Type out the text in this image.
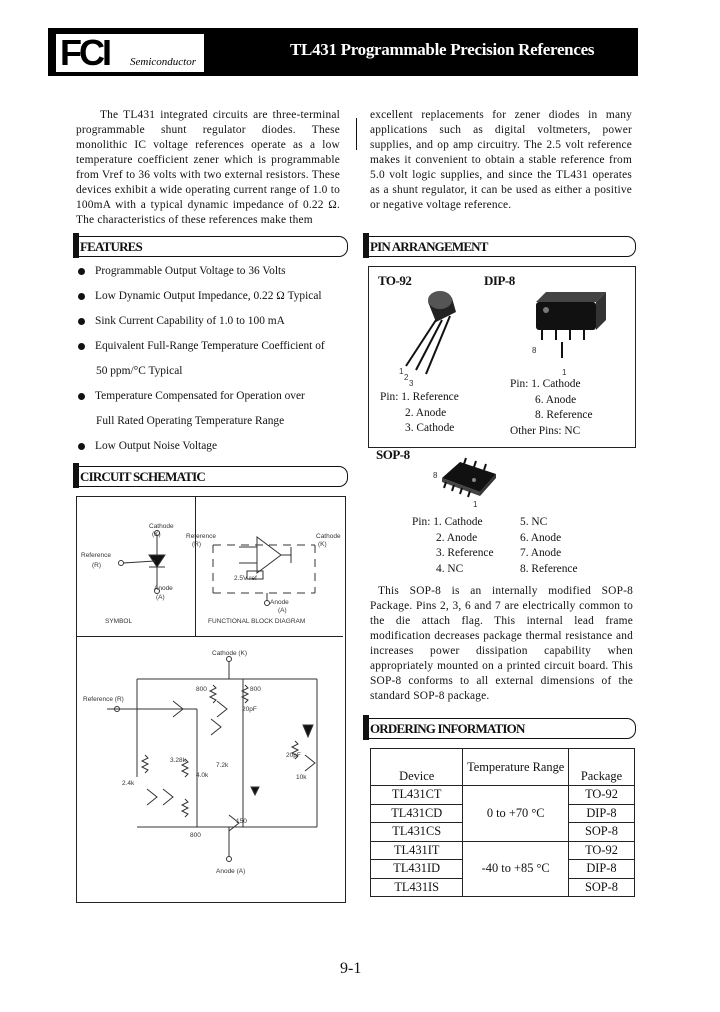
FCI Semiconductor
TL431 Programmable Precision References
The TL431 integrated circuits are three-terminal programmable shunt regulator diodes. These monolithic IC voltage references operate as a low temperature coefficient zener which is programmable from Vref to 36 volts with two external resistors. These devices exhibit a wide operating current range of 1.0 to 100mA with a typical dynamic impedance of 0.22 Ω. The characteristics of these references make them
excellent replacements for zener diodes in many applications such as digital voltmeters, power supplies, and op amp circuitry. The 2.5 volt reference makes it convenient to obtain a stable reference from 5.0 volt logic supplies, and since the TL431 operates as a shunt regulator, it can be used as either a positive or negative voltage reference.
FEATURES	PIN ARRANGEMENT
CIRCUIT SCHEMATIC
ORDERING INFORMATION
Programmable Output Voltage to 36 Volts
Low Dynamic Output Impedance, 0.22 Ω Typical
Sink Current Capability of 1.0 to 100 mA
Equivalent Full-Range Temperature Coefficient of
50 ppm/°C Typical
Temperature Compensated for Operation over
Full Rated Operating Temperature Range
Low Output Noise Voltage
TO-92	DIP-8
1
2
3
8
1
Pin: 1. Reference
2. Anode
3. Cathode
Pin: 1. Cathode
6. Anode
8. Reference
Other Pins: NC
SOP-8
8
1
Pin: 1. Cathode
2. Anode
3. Reference
4. NC
5. NC
6. Anode
7. Anode
8. Reference
This SOP-8 is an internally modified SOP-8 Package. Pins 2, 3, 6 and 7 are electrically common to the die attach flag. This internal lead frame modification decreases package thermal resistance and increases power dissipation capability when appropriately mounted on a printed circuit board. This SOP-8 conforms to all external dimensions of the standard SOP-8 package.
Cathode
(K)
Reference
(R)
Anode
(A)
Reference
(R)
Cathode
(K)
2.5V ref
Anode
(A)
SYMBOL	FUNCTIONAL BLOCK DIAGRAM
Cathode (K)
Reference (R)
Anode (A)
800	800
20pF
3.28k
2.4k
7.2k
4.0k
800
150
20pF
10k	Device	Temperature Range	Package
TL431CT	0 to +70 °C	TO-92
TL431CD		DIP-8
TL431CS		SOP-8
TL431IT	-40 to +85 °C	TO-92
TL431ID		DIP-8
TL431IS		SOP-8
9-1
